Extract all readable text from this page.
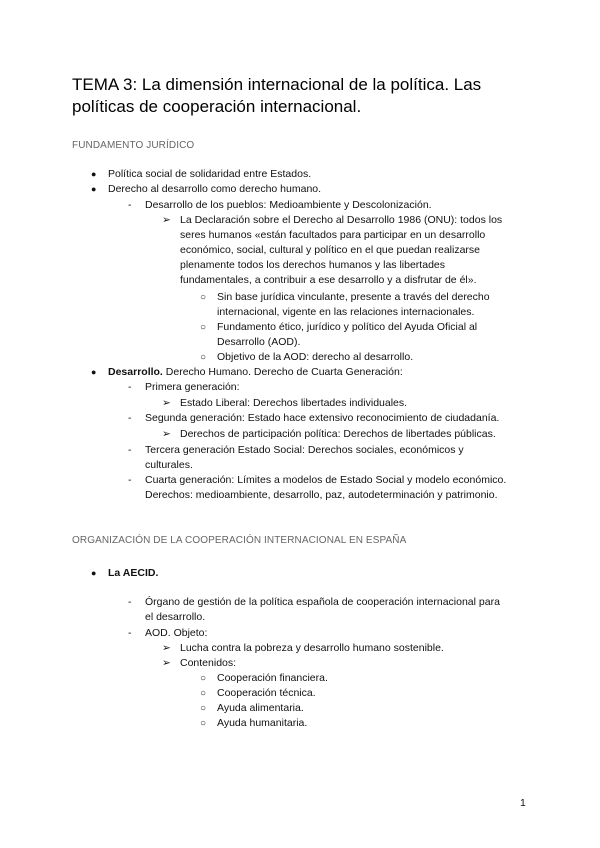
TEMA 3: La dimensión internacional de la política. Las políticas de cooperación internacional.
FUNDAMENTO JURÍDICO
● Política social de solidaridad entre Estados.
● Derecho al desarrollo como derecho humano.
- Desarrollo de los pueblos: Medioambiente y Descolonización.
➢ La Declaración sobre el Derecho al Desarrollo 1986 (ONU): todos los
seres humanos «están facultados para participar en un desarrollo
económico, social, cultural y político en el que puedan realizarse
plenamente todos los derechos humanos y las libertades
fundamentales, a contribuir a ese desarrollo y a disfrutar de él».
○ Sin base jurídica vinculante, presente a través del derecho
internacional, vigente en las relaciones internacionales.
○ Fundamento ético, jurídico y político del Ayuda Oficial al
Desarrollo (AOD).
○ Objetivo de la AOD: derecho al desarrollo.
● Desarrollo. Derecho Humano. Derecho de Cuarta Generación:
- Primera generación:
➢ Estado Liberal: Derechos libertades individuales.
- Segunda generación: Estado hace extensivo reconocimiento de ciudadanía.
➢ Derechos de participación política: Derechos de libertades públicas.
- Tercera generación Estado Social: Derechos sociales, económicos y
culturales.
- Cuarta generación: Límites a modelos de Estado Social y modelo económico.
Derechos: medioambiente, desarrollo, paz, autodeterminación y patrimonio.
ORGANIZACIÓN DE LA COOPERACIÓN INTERNACIONAL EN ESPAÑA
● La AECID.
- Órgano de gestión de la política española de cooperación internacional para
el desarrollo.
- AOD. Objeto:
➢ Lucha contra la pobreza y desarrollo humano sostenible.
➢ Contenidos:
○ Cooperación financiera.
○ Cooperación técnica.
○ Ayuda alimentaria.
○ Ayuda humanitaria.
1
